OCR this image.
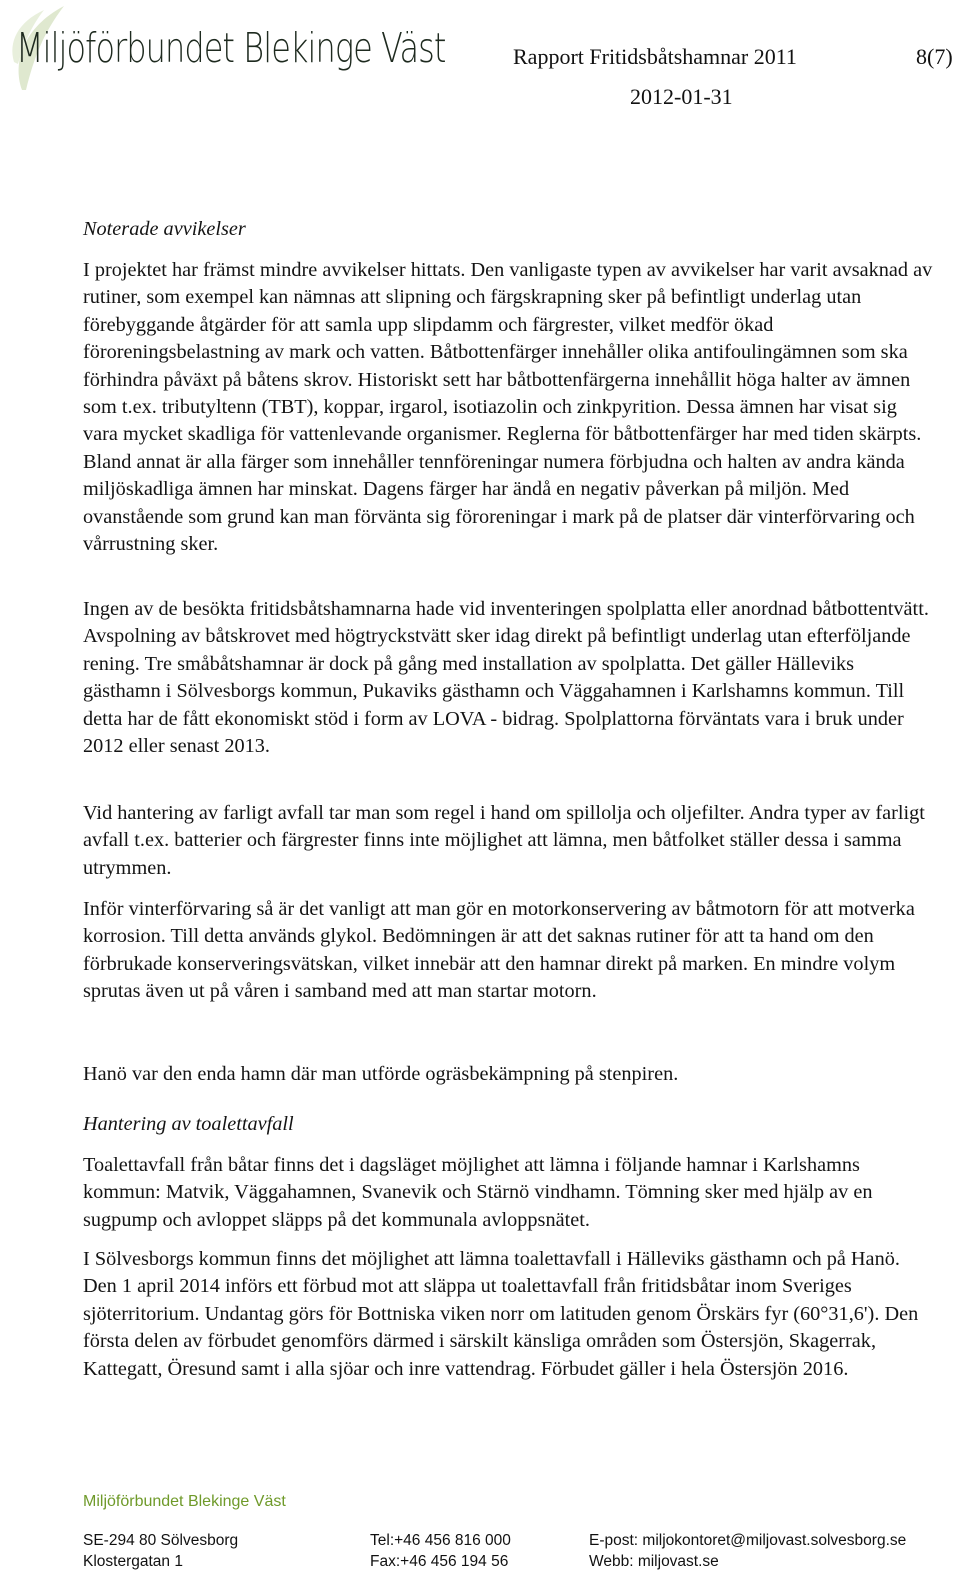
Miljöförbundet Blekinge Väst	Rapport Fritidsbåtshamnar 2011	8(7)
2012-01-31

Noterade avvikelser

I projektet har främst mindre avvikelser hittats. Den vanligaste typen av avvikelser har varit avsaknad av rutiner, som exempel kan nämnas att slipning och färgskrapning sker på befintligt underlag utan förebyggande åtgärder för att samla upp slipdamm och färgrester, vilket medför ökad föroreningsbelastning av mark och vatten. Båtbottenfärger innehåller olika antifoulingämnen som ska förhindra påväxt på båtens skrov. Historiskt sett har båtbottenfärgerna innehållit höga halter av ämnen som t.ex. tributyltenn (TBT), koppar, irgarol, isotiazolin och zinkpyrition. Dessa ämnen har visat sig vara mycket skadliga för vattenlevande organismer. Reglerna för båtbottenfärger har med tiden skärpts. Bland annat är alla färger som innehåller tennföreningar numera förbjudna och halten av andra kända miljöskadliga ämnen har minskat. Dagens färger har ändå en negativ påverkan på miljön. Med ovanstående som grund kan man förvänta sig föroreningar i mark på de platser där vinterförvaring och vårrustning sker.

Ingen av de besökta fritidsbåtshamnarna hade vid inventeringen spolplatta eller anordnad båtbottentvätt. Avspolning av båtskrovet med högtryckstvätt sker idag direkt på befintligt underlag utan efterföljande rening. Tre småbåtshamnar är dock på gång med installation av spolplatta. Det gäller Hälleviks gästhamn i Sölvesborgs kommun, Pukaviks gästhamn och Väggahamnen i Karlshamns kommun. Till detta har de fått ekonomiskt stöd i form av LOVA - bidrag. Spolplattorna förväntats vara i bruk under 2012 eller senast 2013.

Vid hantering av farligt avfall tar man som regel i hand om spillolja och oljefilter. Andra typer av farligt avfall t.ex. batterier och färgrester finns inte möjlighet att lämna, men båtfolket ställer dessa i samma utrymmen.

Inför vinterförvaring så är det vanligt att man gör en motorkonservering av båtmotorn för att motverka korrosion. Till detta används glykol. Bedömningen är att det saknas rutiner för att ta hand om den förbrukade konserveringsvätskan, vilket innebär att den hamnar direkt på marken. En mindre volym sprutas även ut på våren i samband med att man startar motorn.

Hanö var den enda hamn där man utförde ogräsbekämpning på stenpiren.

Hantering av toalettavfall

Toalettavfall från båtar finns det i dagsläget möjlighet att lämna i följande hamnar i Karlshamns kommun: Matvik, Väggahamnen, Svanevik och Stärnö vindhamn. Tömning sker med hjälp av en sugpump och avloppet släpps på det kommunala avloppsnätet.

I Sölvesborgs kommun finns det möjlighet att lämna toalettavfall i Hälleviks gästhamn och på Hanö. Den 1 april 2014 införs ett förbud mot att släppa ut toalettavfall från fritidsbåtar inom Sveriges sjöterritorium. Undantag görs för Bottniska viken norr om latituden genom Örskärs fyr (60°31,6'). Den första delen av förbudet genomförs därmed i särskilt känsliga områden som Östersjön, Skagerrak, Kattegatt, Öresund samt i alla sjöar och inre vattendrag. Förbudet gäller i hela Östersjön 2016.

Miljöförbundet Blekinge Väst
SE-294 80 Sölvesborg
Klostergatan 1
Tel:+46 456 816 000
Fax:+46 456 194 56
E-post: miljokontoret@miljovast.solvesborg.se
Webb: miljovast.se
